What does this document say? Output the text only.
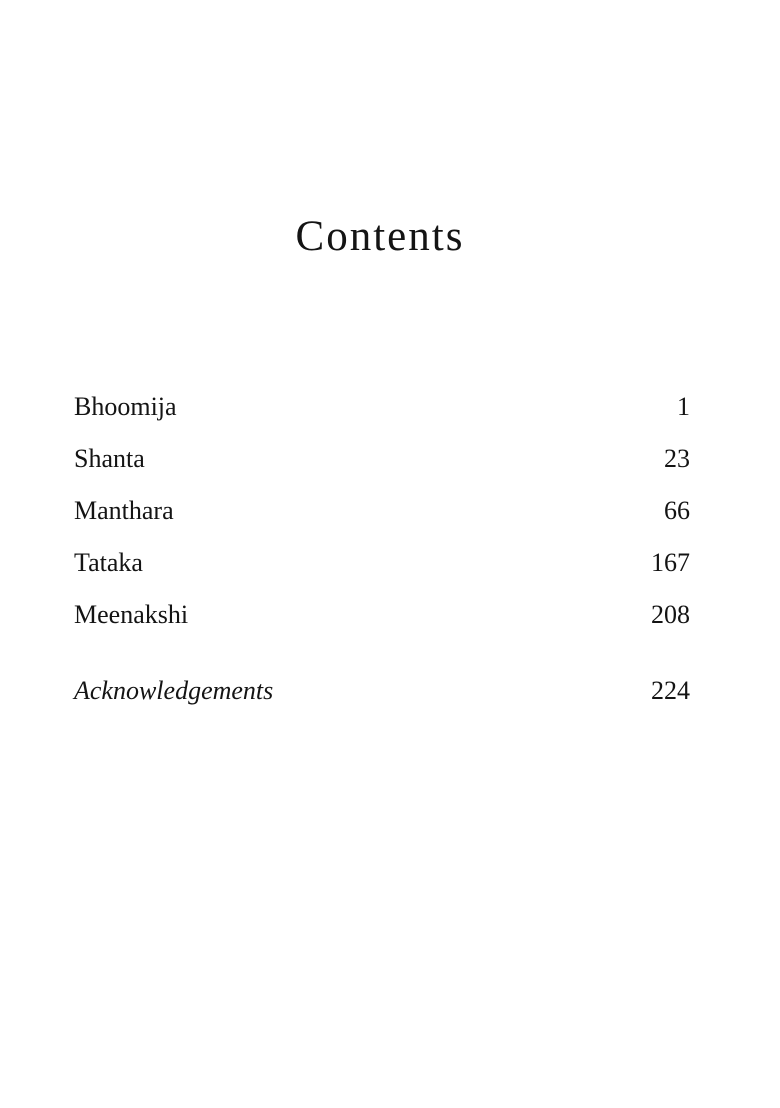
Contents
Bhoomija	1
Shanta	23
Manthara	66
Tataka	167
Meenakshi	208
Acknowledgements	224
